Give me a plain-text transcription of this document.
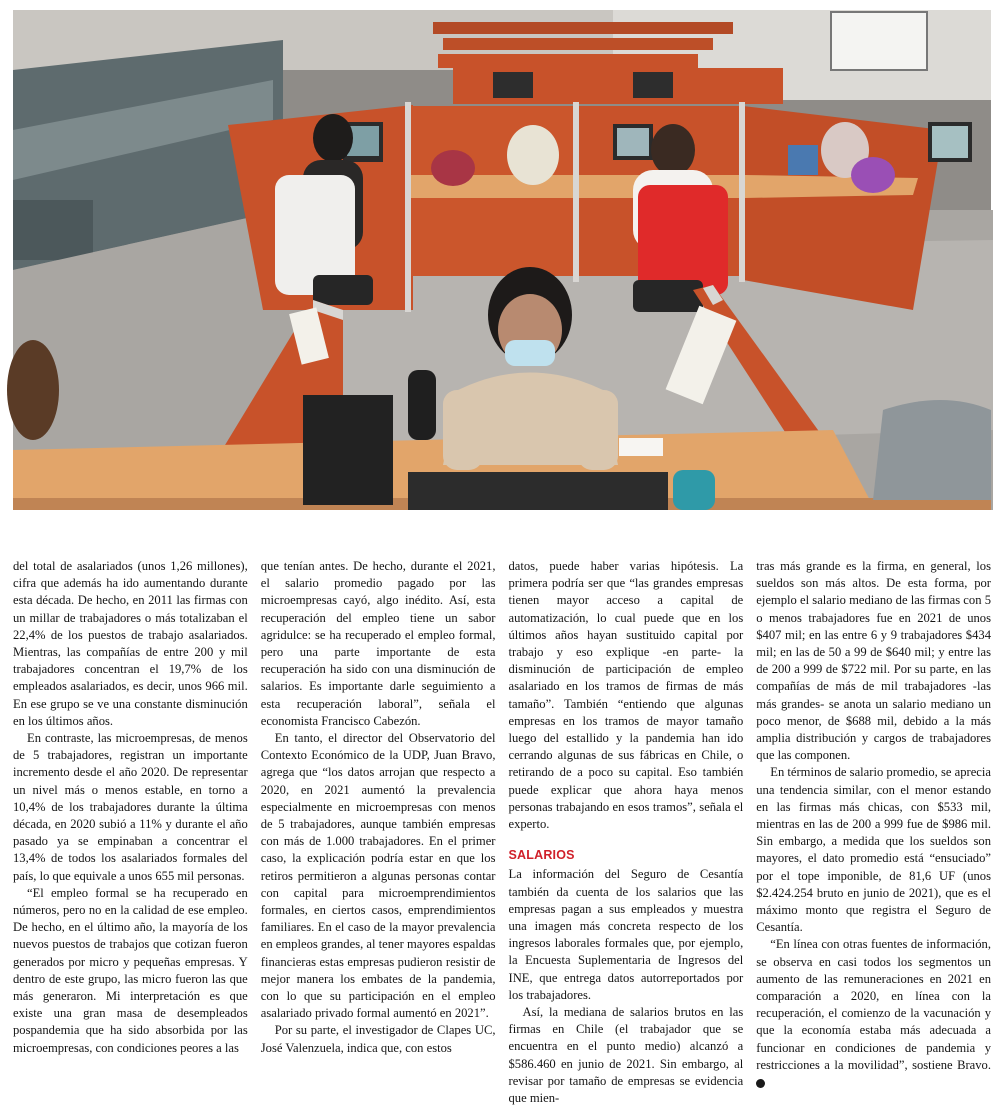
del total de asalariados (unos 1,26 millones), cifra que además ha ido aumentando durante esta década. De hecho, en 2011 las firmas con un millar de trabajadores o más totalizaban el 22,4% de los puestos de trabajo asalariados. Mientras, las compañías de entre 200 y mil trabajadores concentran el 19,7% de los empleados asalariados, es decir, unos 966 mil. En ese grupo se ve una constante disminución en los últimos años.

En contraste, las microempresas, de menos de 5 trabajadores, registran un importante incremento desde el año 2020. De representar un nivel más o menos estable, en torno a 10,4% de los trabajadores durante la última década, en 2020 subió a 11% y durante el año pasado ya se empinaban a concentrar el 13,4% de todos los asalariados formales del país, lo que equivale a unos 655 mil personas.

“El empleo formal se ha recuperado en números, pero no en la calidad de ese empleo. De hecho, en el último año, la mayoría de los nuevos puestos de trabajos que cotizan fueron generados por micro y pequeñas empresas. Y dentro de este grupo, las micro fueron las que más generaron. Mi interpretación es que existe una gran masa de desempleados pospandemia que ha sido absorbida por las microempresas, con condiciones peores a las

que tenían antes. De hecho, durante el 2021, el salario promedio pagado por las microempresas cayó, algo inédito. Así, esta recuperación del empleo tiene un sabor agridulce: se ha recuperado el empleo formal, pero una parte importante de esta recuperación ha sido con una disminución de salarios. Es importante darle seguimiento a esta recuperación laboral”, señala el economista Francisco Cabezón.

En tanto, el director del Observatorio del Contexto Económico de la UDP, Juan Bravo, agrega que “los datos arrojan que respecto a 2020, en 2021 aumentó la prevalencia especialmente en microempresas con menos de 5 trabajadores, aunque también empresas con más de 1.000 trabajadores. En el primer caso, la explicación podría estar en que los retiros permitieron a algunas personas contar con capital para microemprendimientos formales, en ciertos casos, emprendimientos familiares. En el caso de la mayor prevalencia en empleos grandes, al tener mayores espaldas financieras estas empresas pudieron resistir de mejor manera los embates de la pandemia, con lo que su participación en el empleo asalariado privado formal aumentó en 2021”.

Por su parte, el investigador de Clapes UC, José Valenzuela, indica que, con estos

datos, puede haber varias hipótesis. La primera podría ser que “las grandes empresas tienen mayor acceso a capital de automatización, lo cual puede que en los últimos años hayan sustituido capital por trabajo y eso explique -en parte- la disminución de participación de empleo asalariado en los tramos de firmas de más tamaño”. También “entiendo que algunas empresas en los tramos de mayor tamaño luego del estallido y la pandemia han ido cerrando algunas de sus fábricas en Chile, o retirando de a poco su capital. Eso también puede explicar que ahora haya menos personas trabajando en esos tramos”, señala el experto.

SALARIOS

La información del Seguro de Cesantía también da cuenta de los salarios que las empresas pagan a sus empleados y muestra una imagen más concreta respecto de los ingresos laborales formales que, por ejemplo, la Encuesta Suplementaria de Ingresos del INE, que entrega datos autorreportados por los trabajadores.

Así, la mediana de salarios brutos en las firmas en Chile (el trabajador que se encuentra en el punto medio) alcanzó a $586.460 en junio de 2021. Sin embargo, al revisar por tamaño de empresas se evidencia que mien-

tras más grande es la firma, en general, los sueldos son más altos. De esta forma, por ejemplo el salario mediano de las firmas con 5 o menos trabajadores fue en 2021 de unos $407 mil; en las entre 6 y 9 trabajadores $434 mil; en las de 50 a 99 de $640 mil; y entre las de 200 a 999 de $722 mil. Por su parte, en las compañías de más de mil trabajadores -las más grandes- se anota un salario mediano un poco menor, de $688 mil, debido a la más amplia distribución y cargos de trabajadores que las componen.

En términos de salario promedio, se aprecia una tendencia similar, con el menor estando en las firmas más chicas, con $533 mil, mientras en las de 200 a 999 fue de $986 mil. Sin embargo, a medida que los sueldos son mayores, el dato promedio está “ensuciado” por el tope imponible, de 81,6 UF (unos $2.424.254 bruto en junio de 2021), que es el máximo monto que registra el Seguro de Cesantía.

“En línea con otras fuentes de información, se observa en casi todos los segmentos un aumento de las remuneraciones en 2021 en comparación a 2020, en línea con la recuperación, el comienzo de la vacunación y que la economía estaba más adecuada a funcionar en condiciones de pandemia y restricciones a la movilidad”, sostiene Bravo. P
